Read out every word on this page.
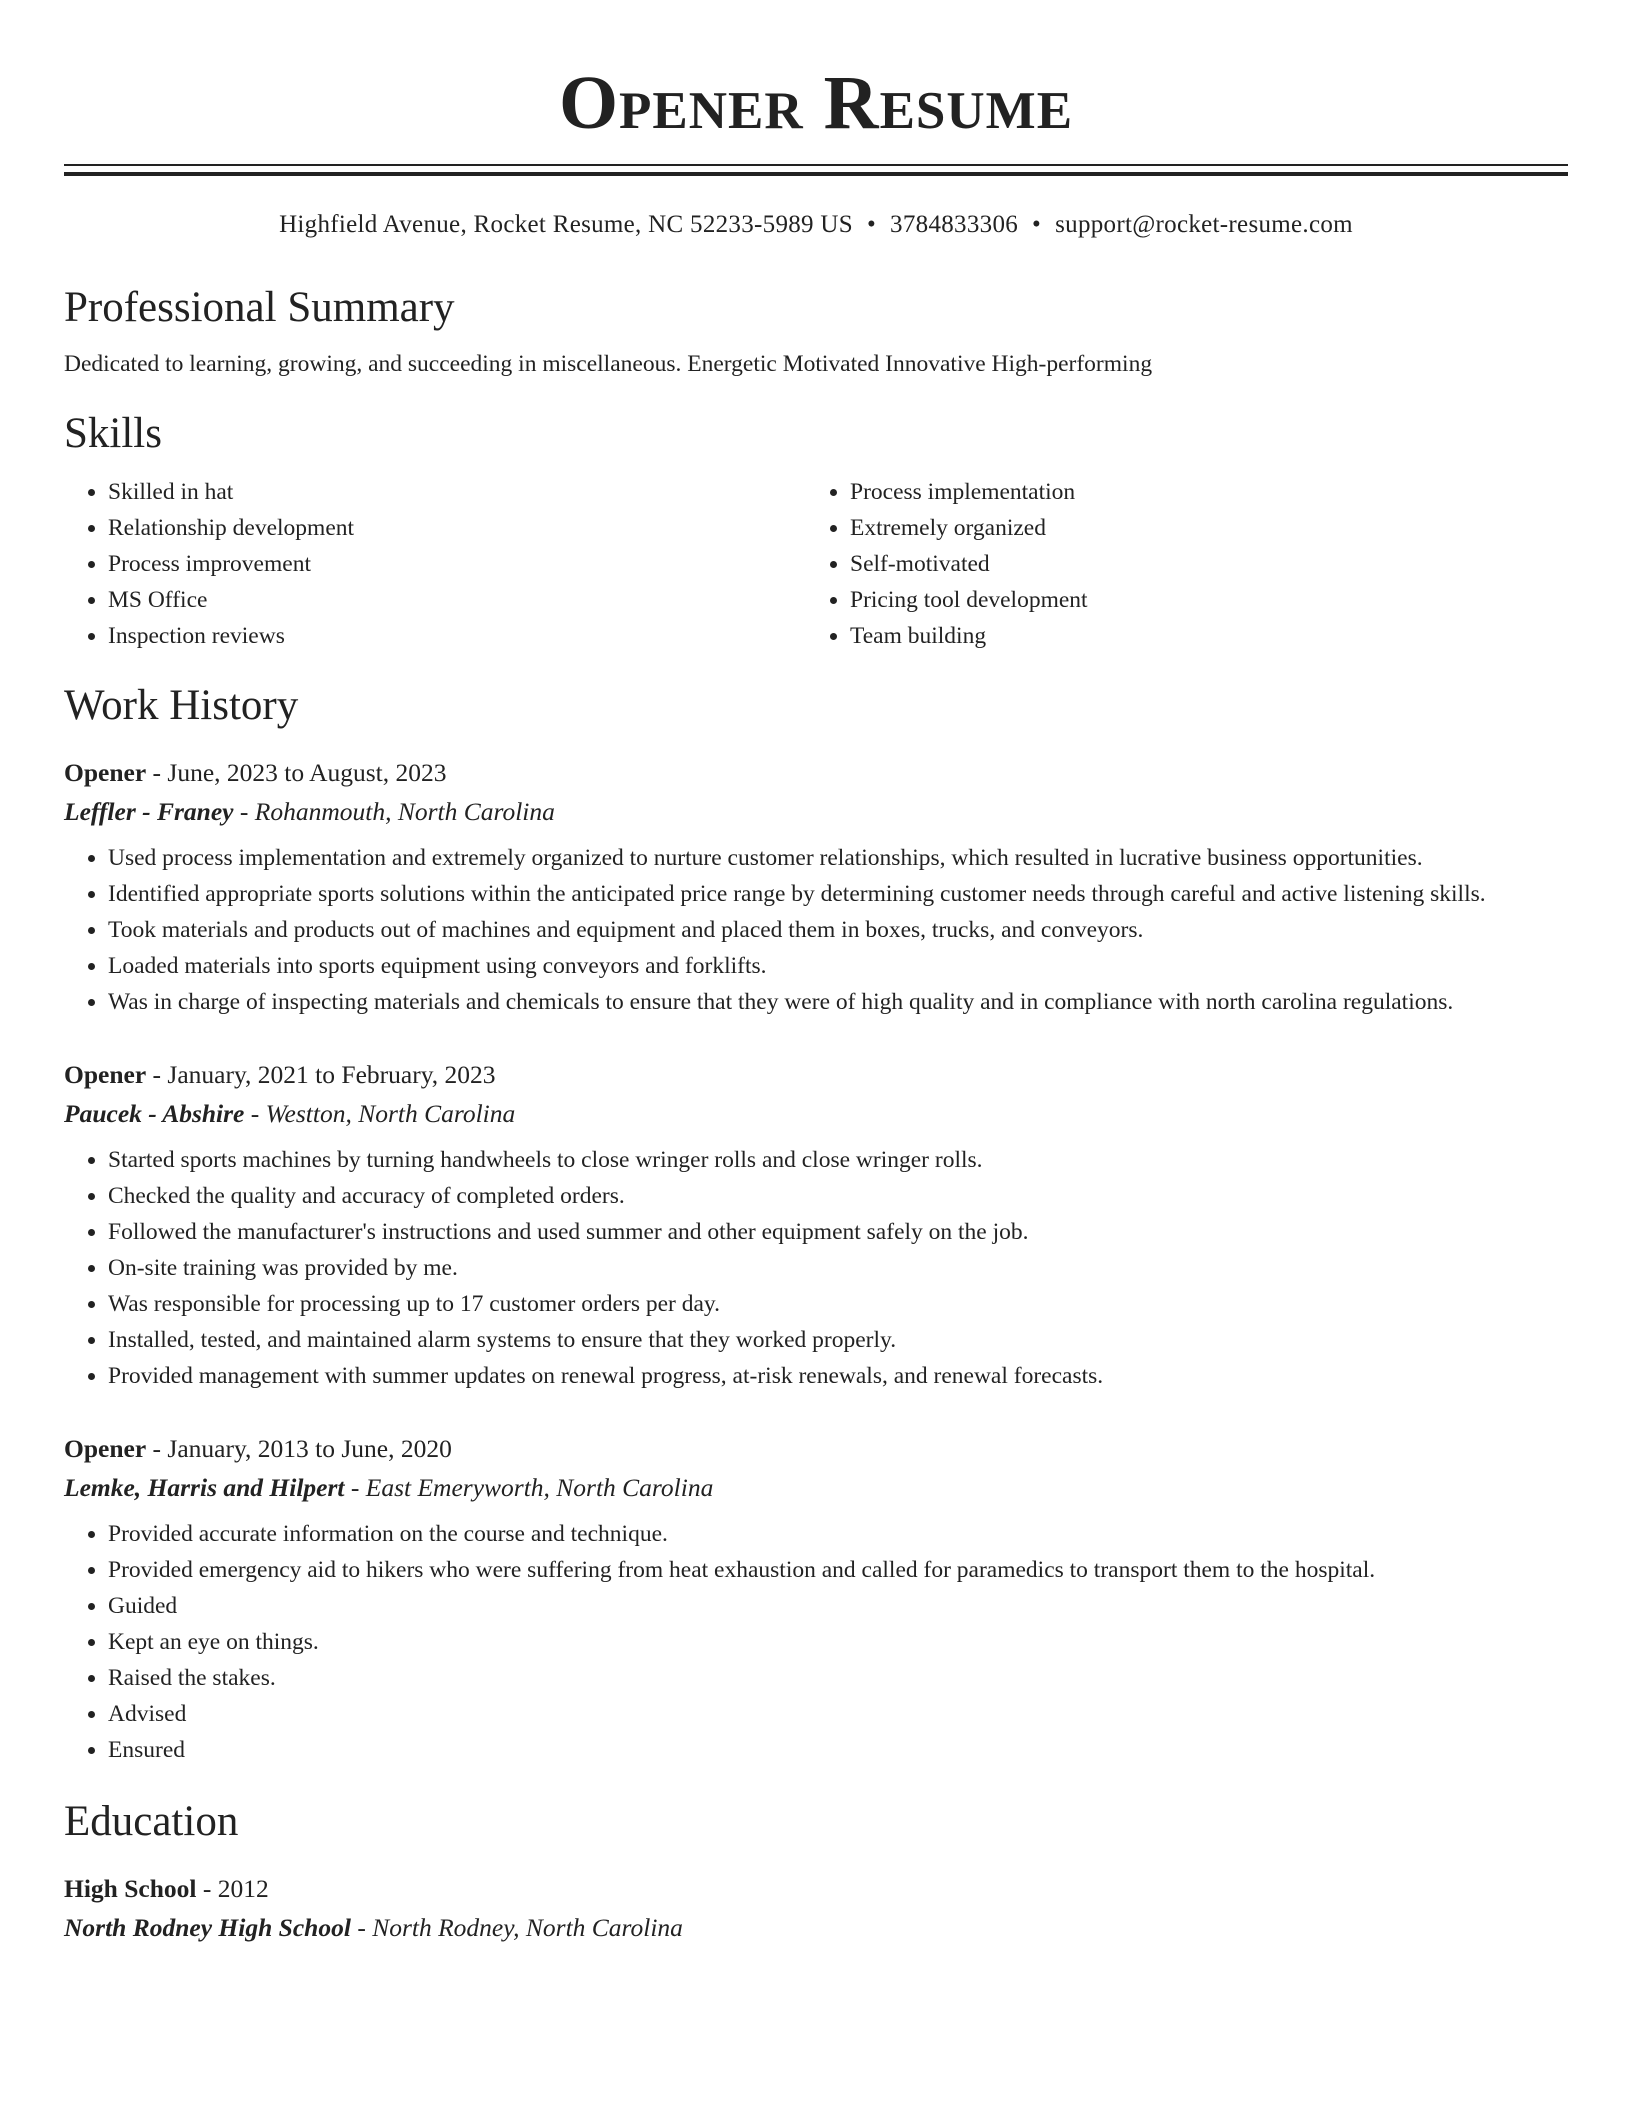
Opener Resume
Highfield Avenue, Rocket Resume, NC 52233-5989 US • 3784833306 • support@rocket-resume.com
Professional Summary
Dedicated to learning, growing, and succeeding in miscellaneous. Energetic Motivated Innovative High-performing
Skills
• Skilled in hat
• Relationship development
• Process improvement
• MS Office
• Inspection reviews
• Process implementation
• Extremely organized
• Self-motivated
• Pricing tool development
• Team building
Work History
Opener - June, 2023 to August, 2023
Leffler - Franey - Rohanmouth, North Carolina
• Used process implementation and extremely organized to nurture customer relationships, which resulted in lucrative business opportunities.
• Identified appropriate sports solutions within the anticipated price range by determining customer needs through careful and active listening skills.
• Took materials and products out of machines and equipment and placed them in boxes, trucks, and conveyors.
• Loaded materials into sports equipment using conveyors and forklifts.
• Was in charge of inspecting materials and chemicals to ensure that they were of high quality and in compliance with north carolina regulations.
Opener - January, 2021 to February, 2023
Paucek - Abshire - Westton, North Carolina
• Started sports machines by turning handwheels to close wringer rolls and close wringer rolls.
• Checked the quality and accuracy of completed orders.
• Followed the manufacturer's instructions and used summer and other equipment safely on the job.
• On-site training was provided by me.
• Was responsible for processing up to 17 customer orders per day.
• Installed, tested, and maintained alarm systems to ensure that they worked properly.
• Provided management with summer updates on renewal progress, at-risk renewals, and renewal forecasts.
Opener - January, 2013 to June, 2020
Lemke, Harris and Hilpert - East Emeryworth, North Carolina
• Provided accurate information on the course and technique.
• Provided emergency aid to hikers who were suffering from heat exhaustion and called for paramedics to transport them to the hospital.
• Guided
• Kept an eye on things.
• Raised the stakes.
• Advised
• Ensured
Education
High School - 2012
North Rodney High School - North Rodney, North Carolina
